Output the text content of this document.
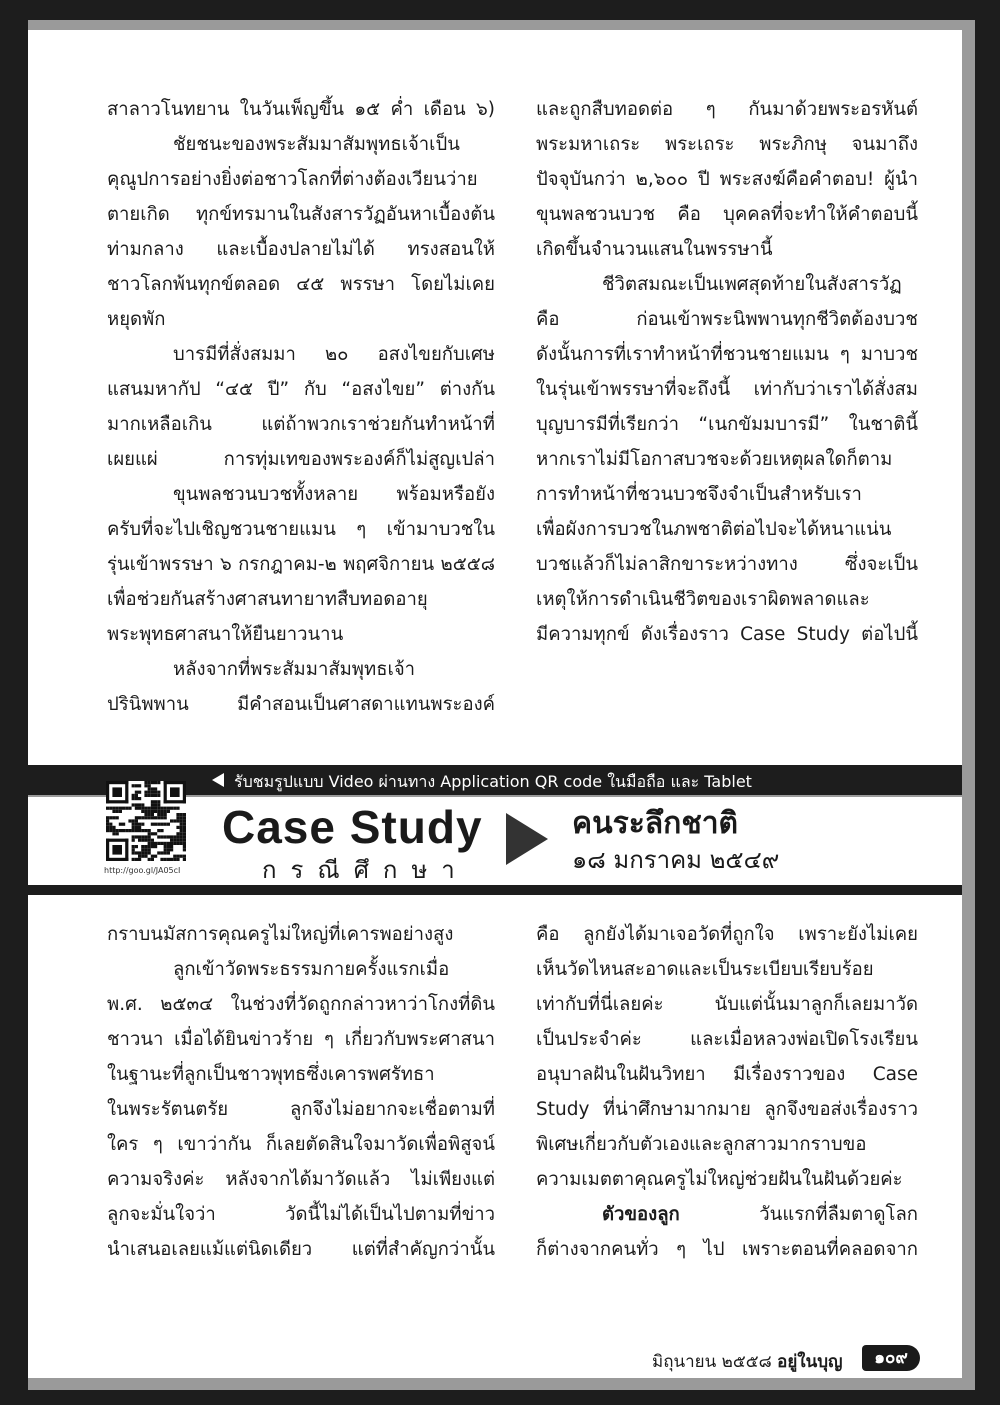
สาลาวโนทยาน ในวันเพ็ญขึ้น ๑๕ ค่ำ เดือน ๖)
ชัยชนะของพระสัมมาสัมพุทธเจ้าเป็น
คุณูปการอย่างยิ่งต่อชาวโลกที่ต่างต้องเวียนว่าย
ตายเกิด ทุกข์ทรมานในสังสารวัฏอันหาเบื้องต้น
ท่ามกลาง และเบื้องปลายไม่ได้ ทรงสอนให้
ชาวโลกพ้นทุกข์ตลอด ๔๕ พรรษา โดยไม่เคย
หยุดพัก
บารมีที่สั่งสมมา ๒๐ อสงไขยกับเศษ
แสนมหากัป “๔๕ ปี” กับ “อสงไขย” ต่างกัน
มากเหลือเกิน แต่ถ้าพวกเราช่วยกันทำหน้าที่
เผยแผ่ การทุ่มเทของพระองค์ก็ไม่สูญเปล่า
ขุนพลชวนบวชทั้งหลาย พร้อมหรือยัง
ครับที่จะไปเชิญชวนชายแมน ๆ เข้ามาบวชใน
รุ่นเข้าพรรษา ๖ กรกฎาคม-๒ พฤศจิกายน ๒๕๕๘
เพื่อช่วยกันสร้างศาสนทายาทสืบทอดอายุ
พระพุทธศาสนาให้ยืนยาวนาน
หลังจากที่พระสัมมาสัมพุทธเจ้า
ปรินิพพาน มีคำสอนเป็นศาสดาแทนพระองค์
และถูกสืบทอดต่อ ๆ กันมาด้วยพระอรหันต์
พระมหาเถระ พระเถระ พระภิกษุ จนมาถึง
ปัจจุบันกว่า ๒,๖๐๐ ปี พระสงฆ์คือคำตอบ! ผู้นำ
ขุนพลชวนบวช คือ บุคคลที่จะทำให้คำตอบนี้
เกิดขึ้นจำนวนแสนในพรรษานี้
ชีวิตสมณะเป็นเพศสุดท้ายในสังสารวัฏ
คือ ก่อนเข้าพระนิพพานทุกชีวิตต้องบวช
ดังนั้นการที่เราทำหน้าที่ชวนชายแมน ๆ มาบวช
ในรุ่นเข้าพรรษาที่จะถึงนี้ เท่ากับว่าเราได้สั่งสม
บุญบารมีที่เรียกว่า “เนกขัมมบารมี” ในชาตินี้
หากเราไม่มีโอกาสบวชจะด้วยเหตุผลใดก็ตาม
การทำหน้าที่ชวนบวชจึงจำเป็นสำหรับเรา
เพื่อผังการบวชในภพชาติต่อไปจะได้หนาแน่น
บวชแล้วก็ไม่ลาสิกขาระหว่างทาง ซึ่งจะเป็น
เหตุให้การดำเนินชีวิตของเราผิดพลาดและ
มีความทุกข์ ดังเรื่องราว Case Study ต่อไปนี้
รับชมรูปแบบ Video ผ่านทาง Application QR code ในมือถือ และ Tablet
http://goo.gl/JA05cI
Case Study
กรณีศึกษา
คนระลึกชาติ
๑๘ มกราคม ๒๕๔๙
กราบนมัสการคุณครูไม่ใหญ่ที่เคารพอย่างสูง
ลูกเข้าวัดพระธรรมกายครั้งแรกเมื่อ
พ.ศ. ๒๕๓๔ ในช่วงที่วัดถูกกล่าวหาว่าโกงที่ดิน
ชาวนา เมื่อได้ยินข่าวร้าย ๆ เกี่ยวกับพระศาสนา
ในฐานะที่ลูกเป็นชาวพุทธซึ่งเคารพศรัทธา
ในพระรัตนตรัย ลูกจึงไม่อยากจะเชื่อตามที่
ใคร ๆ เขาว่ากัน ก็เลยตัดสินใจมาวัดเพื่อพิสูจน์
ความจริงค่ะ หลังจากได้มาวัดแล้ว ไม่เพียงแต่
ลูกจะมั่นใจว่า วัดนี้ไม่ได้เป็นไปตามที่ข่าว
นำเสนอเลยแม้แต่นิดเดียว แต่ที่สำคัญกว่านั้น
คือ ลูกยังได้มาเจอวัดที่ถูกใจ เพราะยังไม่เคย
เห็นวัดไหนสะอาดและเป็นระเบียบเรียบร้อย
เท่ากับที่นี่เลยค่ะ นับแต่นั้นมาลูกก็เลยมาวัด
เป็นประจำค่ะ และเมื่อหลวงพ่อเปิดโรงเรียน
อนุบาลฝันในฝันวิทยา มีเรื่องราวของ Case
Study ที่น่าศึกษามากมาย ลูกจึงขอส่งเรื่องราว
พิเศษเกี่ยวกับตัวเองและลูกสาวมากราบขอ
ความเมตตาคุณครูไม่ใหญ่ช่วยฝันในฝันด้วยค่ะ
ตัวของลูก	วันแรกที่ลืมตาดูโลก
ก็ต่างจากคนทั่ว ๆ ไป เพราะตอนที่คลอดจาก
มิถุนายน ๒๕๕๘ อยู่ในบุญ	๑๐๙
